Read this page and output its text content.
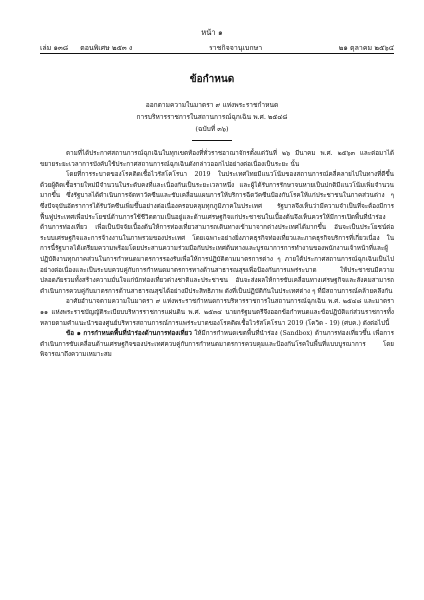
หน้า ๑
เล่ม ๑๓๘ ตอนพิเศษ ๒๕๓ ง	ราชกิจจานุเบกษา	๒๑ ตุลาคม ๒๕๖๔
ข้อกำหนด
ออกตามความในมาตรา ๙ แห่งพระราชกำหนด
การบริหารราชการในสถานการณ์ฉุกเฉิน พ.ศ. ๒๕๔๘
(ฉบับที่ ๓๖)

ตามที่ได้ประกาศสถานการณ์ฉุกเฉินในทุกเขตท้องที่ทั่วราชอาณาจักรตั้งแต่วันที่ ๒๖ มีนาคม พ.ศ. ๒๕๖๓ และต่อมาได้ขยายระยะเวลาการบังคับใช้ประกาศสถานการณ์ฉุกเฉินดังกล่าวออกไปอย่างต่อเนื่องเป็นระยะ นั้น

โดยที่การระบาดของโรคติดเชื้อไวรัสโคโรนา 2019 ในประเทศไทยมีแนวโน้มของสถานการณ์คลี่คลายไปในทางที่ดีขึ้น ด้วยผู้ติดเชื้อรายใหม่มีจำนวนในระดับคงที่และเนื่องกันเป็นระยะเวลาหนึ่ง และผู้ได้รับการรักษาจนหายเป็นปกติมีแนวโน้มเพิ่มจำนวนมากขึ้น ซึ่งรัฐบาลได้ดำเนินการจัดหาวัคซีนและขับเคลื่อนแผนการให้บริการฉีดวัคซีนป้องกันโรคให้แก่ประชาชนในภาคส่วนต่าง ๆ ซึ่งปัจจุบันอัตราการได้รับวัคซีนเพิ่มขึ้นอย่างต่อเนื่องครอบคลุมทุกภูมิภาคในประเทศ รัฐบาลจึงเห็นว่ามีความจำเป็นที่จะต้องมีการฟื้นฟูประเทศเพื่อประโยชน์ด้านการใช้ชีวิตตามเป็นอยู่และด้านเศรษฐกิจแก่ประชาชนในเบื้องต้นจึงเห็นควรให้มีการเปิดพื้นที่นำร่องด้านการท่องเที่ยว เพื่อเป็นปัจจัยเบื้องต้นให้การท่องเที่ยวสามารถเดินทางเข้ามาจากต่างประเทศได้มากขึ้น อันจะเป็นประโยชน์ต่อระบบเศรษฐกิจและการจ้างงานในภาพรวมของประเทศ โดยเฉพาะอย่างยิ่งภาคธุรกิจท่องเที่ยวและภาคธุรกิจบริการที่เกี่ยวเนื่อง ในการนี้รัฐบาลได้เตรียมความพร้อมโดยประสานความร่วมมือกับประเทศต้นทางและบูรณาการการทำงานของพนักงานเจ้าหน้าที่และผู้ปฏิบัติงานทุกภาคส่วนในการกำหนดมาตรการรองรับเพื่อให้การปฏิบัติตามมาตรการต่าง ๆ ภายใต้ประกาศสถานการณ์ฉุกเฉินเป็นไปอย่างต่อเนื่องและเป็นระบบควบคู่กับการกำหนดมาตรการทางด้านสาธารณสุขเพื่อป้องกันการแพร่ระบาด ให้ประชาชนมีความปลอดภัยรวมทั้งสร้างความมั่นใจแก่นักท่องเที่ยวต่างชาติและประชาชน อันจะส่งผลให้การขับเคลื่อนทางเศรษฐกิจและสังคมสามารถดำเนินการควบคู่กับมาตรการด้านสาธารณสุขได้อย่างมีประสิทธิภาพ ดังที่เป็นปฏิบัติกันในประเทศต่าง ๆ ที่มีสถานการณ์คล้ายคลึงกัน

อาศัยอำนาจตามความในมาตรา ๙ แห่งพระราชกำหนดการบริหารราชการในสถานการณ์ฉุกเฉิน พ.ศ. ๒๕๔๘ และมาตรา ๑๑ แห่งพระราชบัญญัติระเบียบบริหารราชการแผ่นดิน พ.ศ. ๒๕๓๔ นายกรัฐมนตรีจึงออกข้อกำหนดและข้อปฏิบัติแก่ส่วนราชการทั้งหลายตามคำแนะนำของศูนย์บริหารสถานการณ์การแพร่ระบาดของโรคติดเชื้อไวรัสโคโรนา 2019 (โควิด - 19) (ศบค.) ดังต่อไปนี้

ข้อ ๑ การกำหนดพื้นที่นำร่องด้านการท่องเที่ยว ให้มีการกำหนดเขตพื้นที่นำร่อง (Sandbox) ด้านการท่องเที่ยวขึ้น เพื่อการดำเนินการขับเคลื่อนด้านเศรษฐกิจของประเทศควบคู่กับการกำหนดมาตรการควบคุมและป้องกันโรคในพื้นที่แบบบูรณาการ โดยพิจารณาถึงความเหมาะสม
